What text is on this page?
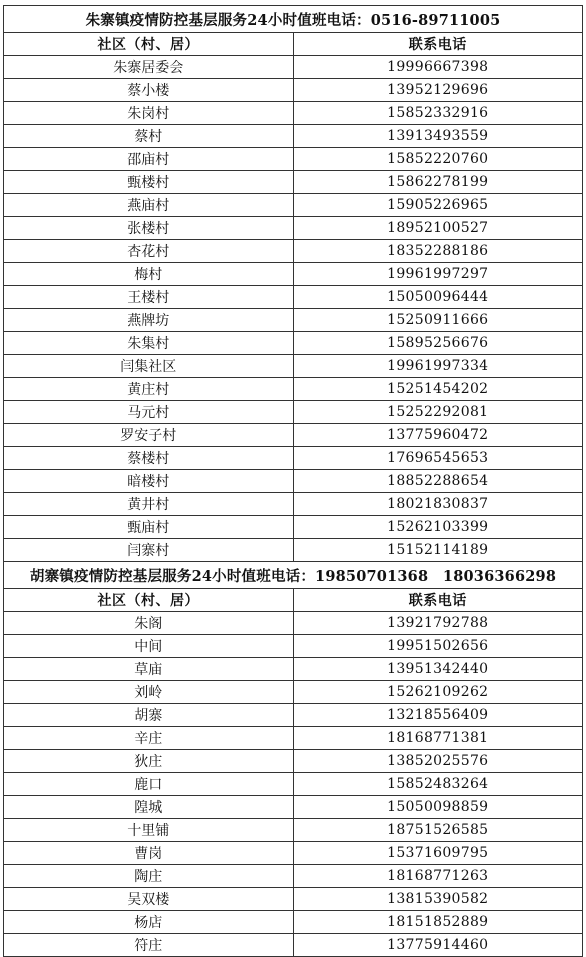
朱寨镇疫情防控基层服务24小时值班电话：0516-89711005	
社区（村、居）	联系电话
朱寨居委会	19996667398
蔡小楼	13952129696
朱岗村	15852332916
蔡村	13913493559
邵庙村	15852220760
甄楼村	15862278199
燕庙村	15905226965
张楼村	18952100527
杏花村	18352288186
梅村	19961997297
王楼村	15050096444
燕牌坊	15250911666
朱集村	15895256676
闫集社区	19961997334
黄庄村	15251454202
马元村	15252292081
罗安子村	13775960472
蔡楼村	17696545653
暗楼村	18852288654
黄井村	18021830837
甄庙村	15262103399
闫寨村	15152114189
胡寨镇疫情防控基层服务24小时值班电话：19850701368　18036366298	
社区（村、居）	联系电话
朱阁	13921792788
中间	19951502656
草庙	13951342440
刘岭	15262109262
胡寨	13218556409
辛庄	18168771381
狄庄	13852025576
鹿口	15852483264
隍城	15050098859
十里铺	18751526585
曹岗	15371609795
陶庄	18168771263
吴双楼	13815390582
杨店	18151852889
符庄	13775914460
